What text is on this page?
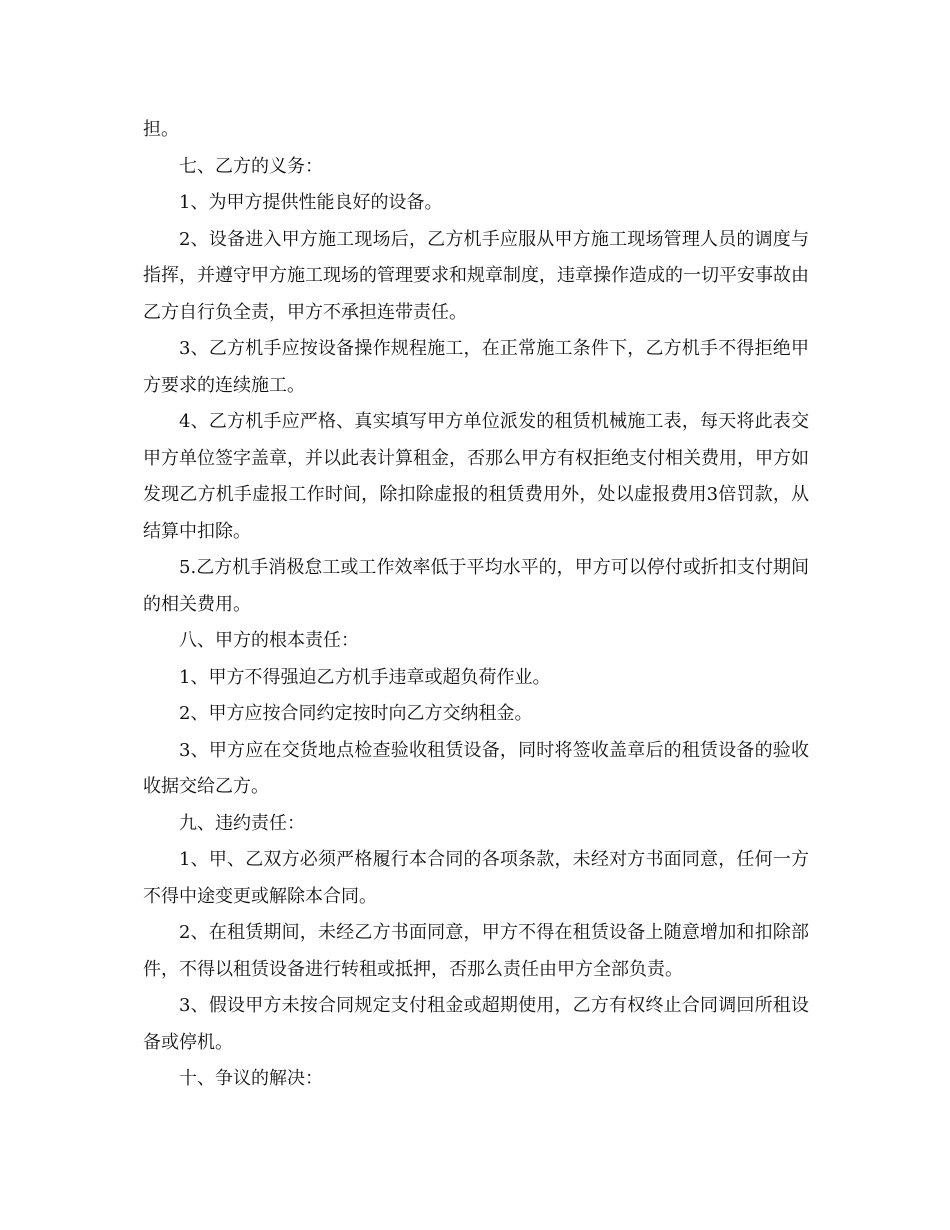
担。

七、乙方的义务：

1、为甲方提供性能良好的设备。

2、设备进入甲方施工现场后，乙方机手应服从甲方施工现场管理人员的调度与指挥，并遵守甲方施工现场的管理要求和规章制度，违章操作造成的一切平安事故由乙方自行负全责，甲方不承担连带责任。

3、乙方机手应按设备操作规程施工，在正常施工条件下，乙方机手不得拒绝甲方要求的连续施工。

4、乙方机手应严格、真实填写甲方单位派发的租赁机械施工表，每天将此表交甲方单位签字盖章，并以此表计算租金，否那么甲方有权拒绝支付相关费用，甲方如发现乙方机手虚报工作时间，除扣除虚报的租赁费用外，处以虚报费用3倍罚款，从结算中扣除。

5.乙方机手消极怠工或工作效率低于平均水平的，甲方可以停付或折扣支付期间的相关费用。

八、甲方的根本责任：

1、甲方不得强迫乙方机手违章或超负荷作业。

2、甲方应按合同约定按时向乙方交纳租金。

3、甲方应在交货地点检查验收租赁设备，同时将签收盖章后的租赁设备的验收收据交给乙方。

九、违约责任：

1、甲、乙双方必须严格履行本合同的各项条款，未经对方书面同意，任何一方不得中途变更或解除本合同。

2、在租赁期间，未经乙方书面同意，甲方不得在租赁设备上随意增加和扣除部件，不得以租赁设备进行转租或抵押，否那么责任由甲方全部负责。

3、假设甲方未按合同规定支付租金或超期使用，乙方有权终止合同调回所租设备或停机。

十、争议的解决：
